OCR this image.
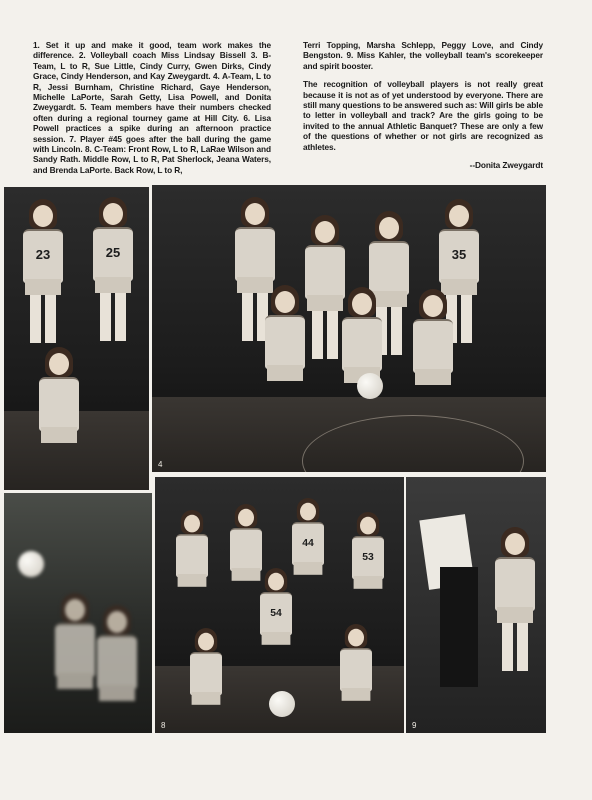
1. Set it up and make it good, team work makes the difference. 2. Volleyball coach Miss Lindsay Bissell 3. B-Team, L to R, Sue Little, Cindy Curry, Gwen Dirks, Cindy Grace, Cindy Henderson, and Kay Zweygardt. 4. A-Team, L to R, Jessi Burnham, Christine Richard, Gaye Henderson, Michelle LaPorte, Sarah Getty, Lisa Powell, and Donita Zweygardt. 5. Team members have their numbers checked often during a regional tourney game at Hill City. 6. Lisa Powell practices a spike during an afternoon practice session. 7. Player #45 goes after the ball during the game with Lincoln. 8. C-Team: Front Row, L to R, LaRae Wilson and Sandy Rath. Middle Row, L to R, Pat Sherlock, Jeana Waters, and Brenda LaPorte. Back Row, L to R,

Terri Topping, Marsha Schlepp, Peggy Love, and Cindy Bengston. 9. Miss Kahler, the volleyball team's scorekeeper and spirit booster.

The recognition of volleyball players is not really great because it is not as of yet understood by everyone. There are still many questions to be answered such as: Will girls be able to letter in volleyball and track? Are the girls going to be invited to the annual Athletic Banquet? These are only a few of the questions of whether or not girls are recognized as athletes.

--Donita Zweygardt
23	25	35
4
44
53
54
8	9
